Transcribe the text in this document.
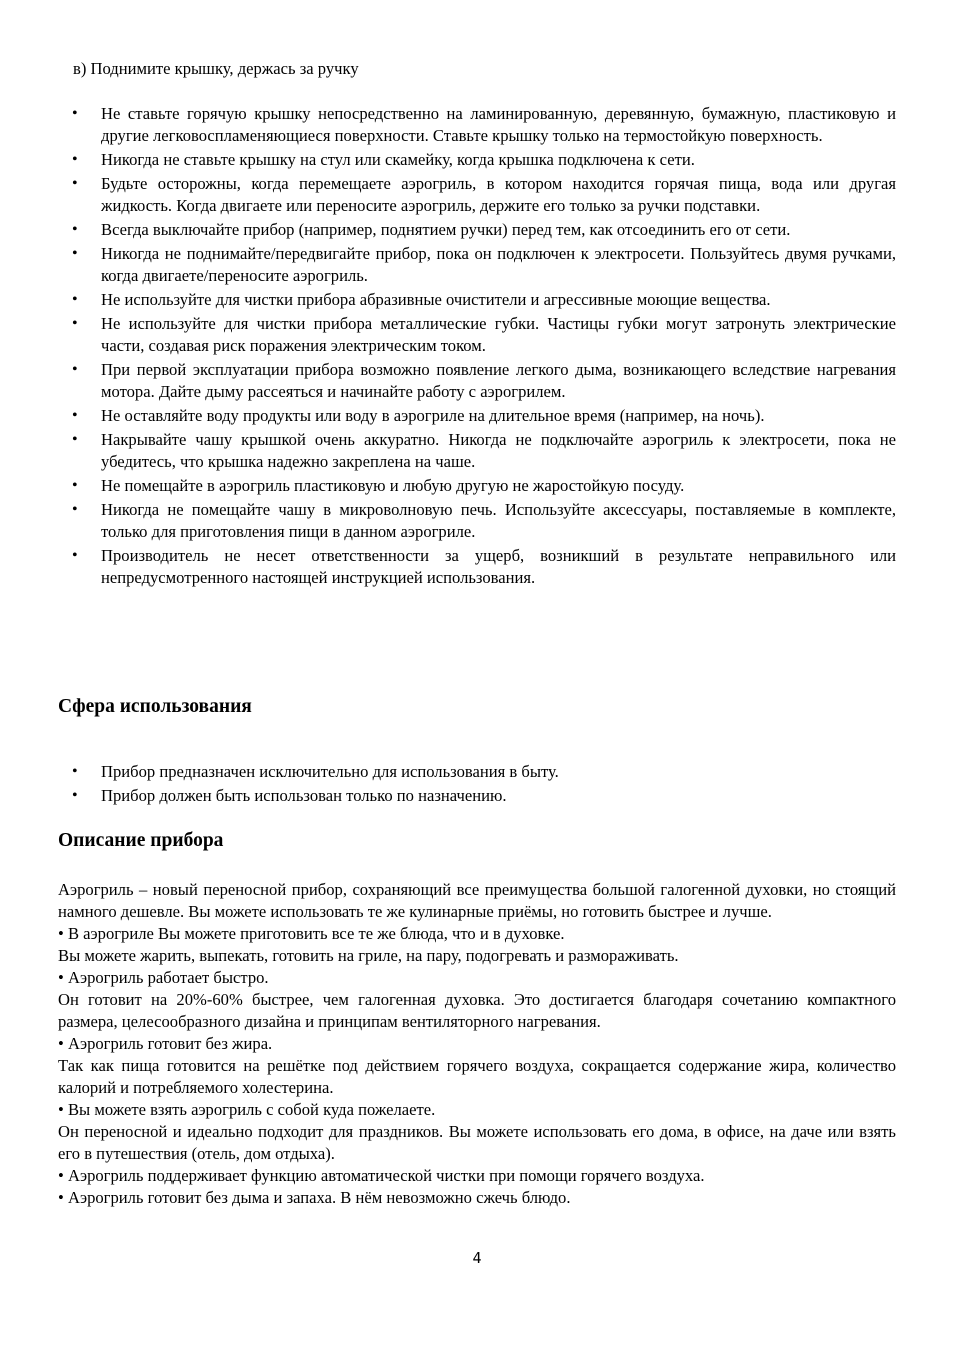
в) Поднимите крышку, держась за ручку
• Не ставьте горячую крышку непосредственно на ламинированную, деревянную, бумажную, пластиковую и другие легковоспламеняющиеся поверхности. Ставьте крышку только на термостойкую поверхность.
• Никогда не ставьте крышку на стул или скамейку, когда крышка подключена к сети.
• Будьте осторожны, когда перемещаете аэрогриль, в котором находится горячая пища, вода или другая жидкость. Когда двигаете или переносите аэрогриль, держите его только за ручки подставки.
• Всегда выключайте прибор (например, поднятием ручки) перед тем, как отсоединить его от сети.
• Никогда не поднимайте/передвигайте прибор, пока он подключен к электросети. Пользуйтесь двумя ручками, когда двигаете/переносите аэрогриль.
• Не используйте для чистки прибора абразивные очистители и агрессивные моющие вещества.
• Не используйте для чистки прибора металлические губки. Частицы губки могут затронуть электрические части, создавая риск поражения электрическим током.
• При первой эксплуатации прибора возможно появление легкого дыма, возникающего вследствие нагревания мотора. Дайте дыму рассеяться и начинайте работу с аэрогрилем.
• Не оставляйте воду продукты или воду в аэрогриле на длительное время (например, на ночь).
• Накрывайте чашу крышкой очень аккуратно. Никогда не подключайте аэрогриль к электросети, пока не убедитесь, что крышка надежно закреплена на чаше.
• Не помещайте в аэрогриль пластиковую и любую другую не жаростойкую посуду.
• Никогда не помещайте чашу в микроволновую печь. Используйте аксессуары, поставляемые в комплекте, только для приготовления пищи в данном аэрогриле.
• Производитель не несет ответственности за ущерб, возникший в результате неправильного или непредусмотренного настоящей инструкцией использования.
Сфера использования
• Прибор предназначен исключительно для использования в быту.
• Прибор должен быть использован только по назначению.
Описание прибора

Аэрогриль – новый переносной прибор, сохраняющий все преимущества большой галогенной духовки, но стоящий намного дешевле. Вы можете использовать те же кулинарные приёмы, но готовить быстрее и лучше.

• В аэрогриле Вы можете приготовить все те же блюда, что и в духовке.

Вы можете жарить, выпекать, готовить на гриле, на пару, подогревать и размораживать.

• Аэрогриль работает быстро.

Он готовит на 20%-60% быстрее, чем галогенная духовка. Это достигается благодаря сочетанию компактного размера, целесообразного дизайна и принципам вентиляторного нагревания.

• Аэрогриль готовит без жира.

Так как пища готовится на решётке под действием горячего воздуха, сокращается содержание жира, количество калорий и потребляемого холестерина.

• Вы можете взять аэрогриль с собой куда пожелаете.

Он переносной и идеально подходит для праздников. Вы можете использовать его дома, в офисе, на даче или взять его в путешествия (отель, дом отдыха).

• Аэрогриль поддерживает функцию автоматической чистки при помощи горячего воздуха.

• Аэрогриль готовит без дыма и запаха. В нём невозможно сжечь блюдо.

4
